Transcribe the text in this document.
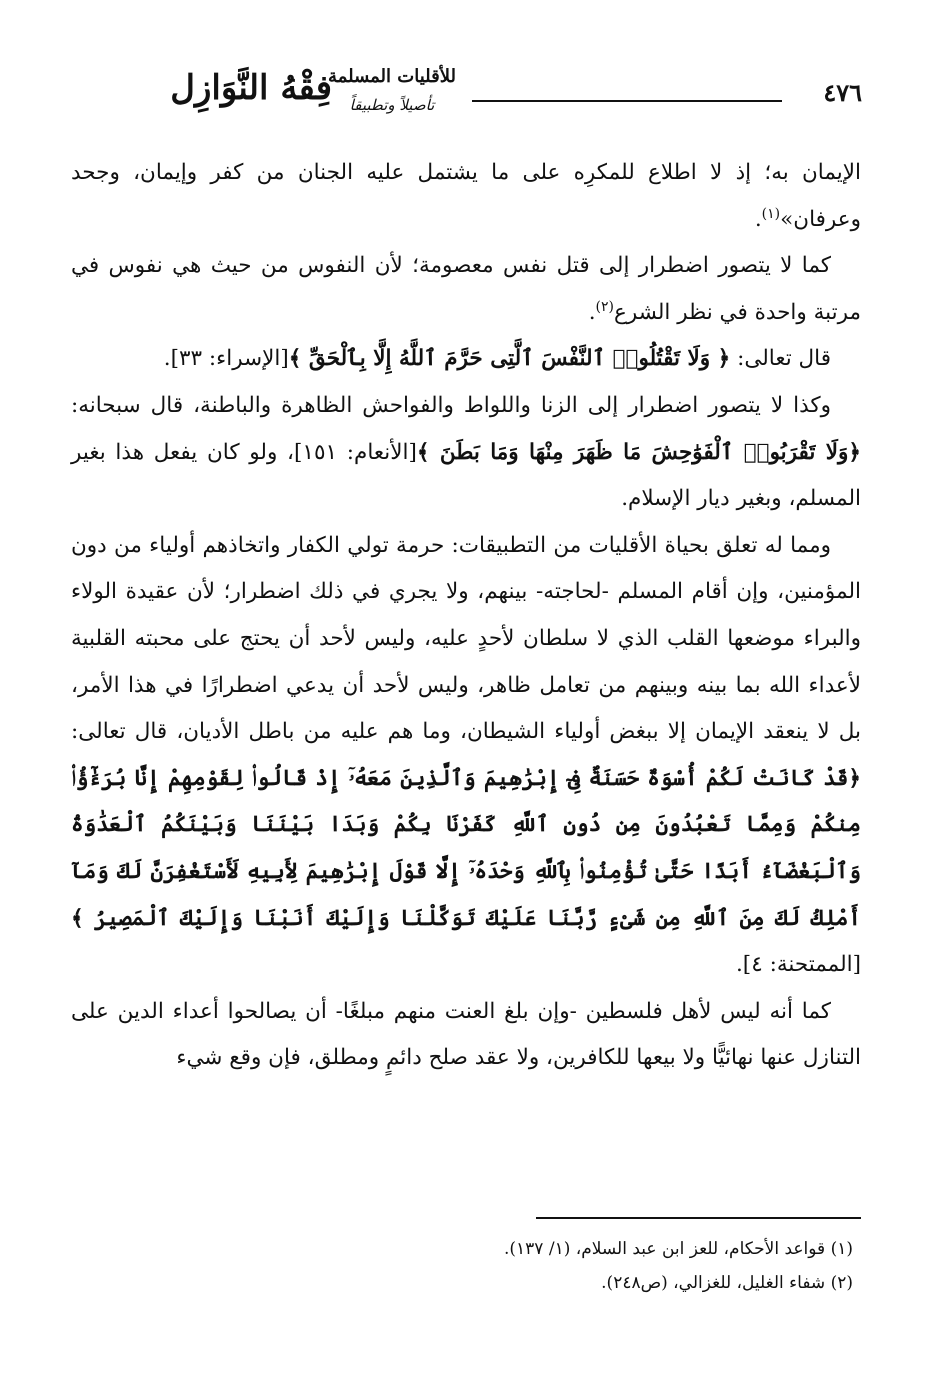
٤٧٦
فِقْهُ النَّوَازِل
للأقليات المسلمة
تأصيلاً وتطبيقاً

الإيمان به؛ إذ لا اطلاع للمكرِه على ما يشتمل عليه الجنان من كفر وإيمان، وجحد وعرفان»$^{(١)}$.

كما لا يتصور اضطرار إلى قتل نفس معصومة؛ لأن النفوس من حيث هي نفوس في مرتبة واحدة في نظر الشرع$^{(٢)}$.

قال تعالى: ﴿ وَلَا تَقْتُلُوا۟ ٱلنَّفْسَ ٱلَّتِى حَرَّمَ ٱللَّهُ إِلَّا بِٱلْحَقِّ ﴾[الإسراء: ٣٣].

وكذا لا يتصور اضطرار إلى الزنا واللواط والفواحش الظاهرة والباطنة، قال سبحانه: ﴿وَلَا تَقْرَبُوا۟ ٱلْفَوَٰحِشَ مَا ظَهَرَ مِنْهَا وَمَا بَطَنَ ﴾[الأنعام: ١٥١]، ولو كان يفعل هذا بغير المسلم، وبغير ديار الإسلام.

ومما له تعلق بحياة الأقليات من التطبيقات: حرمة تولي الكفار واتخاذهم أولياء من دون المؤمنين، وإن أقام المسلم -لحاجته- بينهم، ولا يجري في ذلك اضطرار؛ لأن عقيدة الولاء والبراء موضعها القلب الذي لا سلطان لأحدٍ عليه، وليس لأحد أن يحتج على محبته القلبية لأعداء الله بما بينه وبينهم من تعامل ظاهر، وليس لأحد أن يدعي اضطرارًا في هذا الأمر، بل لا ينعقد الإيمان إلا ببغض أولياء الشيطان، وما هم عليه من باطل الأديان، قال تعالى: ﴿قَدْ كَانَتْ لَكُمْ أُسْوَةٌ حَسَنَةٌ فِىٓ إِبْرَٰهِيمَ وَٱلَّذِينَ مَعَهُۥٓ إِذْ قَالُوا۟ لِقَوْمِهِمْ إِنَّا بُرَءَٰٓؤُا۟ مِنكُمْ وَمِمَّا تَعْبُدُونَ مِن دُونِ ٱللَّهِ كَفَرْنَا بِكُمْ وَبَدَا بَيْنَنَا وَبَيْنَكُمُ ٱلْعَدَٰوَةُ وَٱلْبَغْضَآءُ أَبَدًا حَتَّىٰ تُؤْمِنُوا۟ بِٱللَّهِ وَحْدَهُۥٓ إِلَّا قَوْلَ إِبْرَٰهِيمَ لِأَبِيهِ لَأَسْتَغْفِرَنَّ لَكَ وَمَآ أَمْلِكُ لَكَ مِنَ ٱللَّهِ مِن شَىْءٍ رَّبَّنَا عَلَيْكَ تَوَكَّلْنَا وَإِلَيْكَ أَنَبْنَا وَإِلَيْكَ ٱلْمَصِيرُ ﴾[الممتحنة: ٤].

كما أنه ليس لأهل فلسطين -وإن بلغ العنت منهم مبلغًا- أن يصالحوا أعداء الدين على التنازل عنها نهائيًّا ولا بيعها للكافرين، ولا عقد صلح دائمٍ ومطلق، فإن وقع شيء

(١) قواعد الأحكام، للعز ابن عبد السلام، (١/ ١٣٧).

(٢) شفاء الغليل، للغزالي، (ص٢٤٨).
